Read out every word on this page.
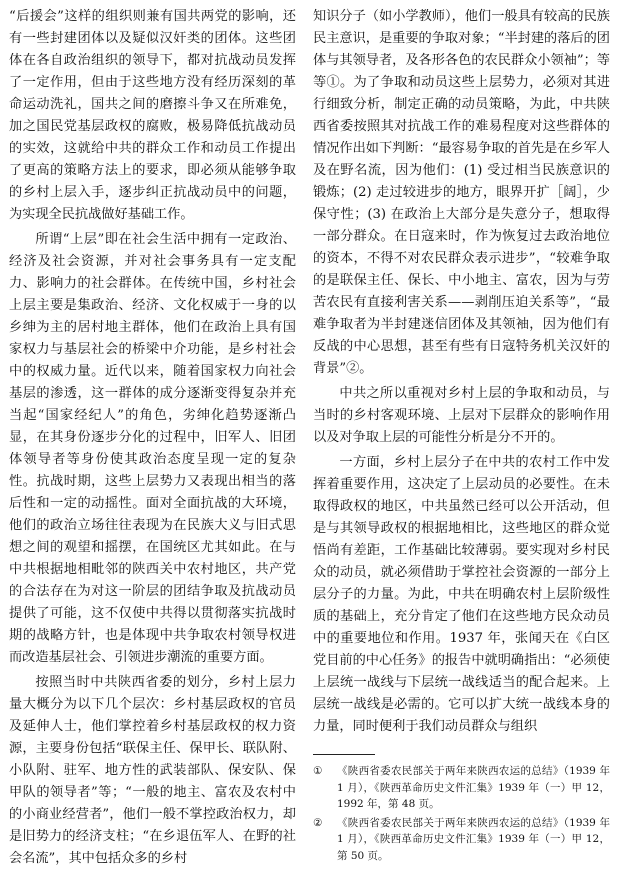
“后援会”这样的组织则兼有国共两党的影响，还有一些封建团体以及疑似汉奸类的团体。这些团体在各自政治组织的领导下，都对抗战动员发挥了一定作用，但由于这些地方没有经历深刻的革命运动洗礼，国共之间的磨擦斗争又在所难免，加之国民党基层政权的腐败，极易降低抗战动员的实效，这就给中共的群众工作和动员工作提出了更高的策略方法上的要求，即必须从能够争取的乡村上层入手，逐步纠正抗战动员中的问题，为实现全民抗战做好基础工作。

所谓“上层”即在社会生活中拥有一定政治、经济及社会资源，并对社会事务具有一定支配力、影响力的社会群体。在传统中国，乡村社会上层主要是集政治、经济、文化权威于一身的以乡绅为主的居村地主群体，他们在政治上具有国家权力与基层社会的桥梁中介功能，是乡村社会中的权威力量。近代以来，随着国家权力向社会基层的渗透，这一群体的成分逐渐变得复杂并充当起“国家经纪人”的角色，劣绅化趋势逐渐凸显，在其身份逐步分化的过程中，旧军人、旧团体领导者等身份使其政治态度呈现一定的复杂性。抗战时期，这些上层势力又表现出相当的落后性和一定的动摇性。面对全面抗战的大环境，他们的政治立场往往表现为在民族大义与旧式思想之间的观望和摇摆，在国统区尤其如此。在与中共根据地相毗邻的陕西关中农村地区，共产党的合法存在为对这一阶层的团结争取及抗战动员提供了可能，这不仅使中共得以贯彻落实抗战时期的战略方针，也是体现中共争取农村领导权进而改造基层社会、引领进步潮流的重要方面。

按照当时中共陕西省委的划分，乡村上层力量大概分为以下几个层次：乡村基层政权的官员及延伸人士，他们掌控着乡村基层政权的权力资源，主要身份包括“联保主任、保甲长、联队附、小队附、驻军、地方性的武装部队、保安队、保甲队的领导者”等；“一般的地主、富农及农村中的小商业经营者”，他们一般不掌控政治权力，却是旧势力的经济支柱；“在乡退伍军人、在野的社会名流”，其中包括众多的乡村

知识分子（如小学教师），他们一般具有较高的民族民主意识，是重要的争取对象；“半封建的落后的团体与其领导者，及各形各色的农民群众小领袖”；等等①。为了争取和动员这些上层势力，必须对其进行细致分析，制定正确的动员策略，为此，中共陕西省委按照其对抗战工作的难易程度对这些群体的情况作出如下判断：“最容易争取的首先是在乡军人及在野名流，因为他们：(1) 受过相当民族意识的锻炼；(2) 走过较进步的地方，眼界开扩［阔］，少保守性；(3) 在政治上大部分是失意分子，想取得一部分群众。在日寇来时，作为恢复过去政治地位的资本，不得不对农民群众表示进步”，“较难争取的是联保主任、保长、中小地主、富农，因为与劳苦农民有直接利害关系——剥削压迫关系等”，“最难争取者为半封建迷信团体及其领袖，因为他们有反战的中心思想，甚至有些有日寇特务机关汉奸的背景”②。

中共之所以重视对乡村上层的争取和动员，与当时的乡村客观环境、上层对下层群众的影响作用以及对争取上层的可能性分析是分不开的。

一方面，乡村上层分子在中共的农村工作中发挥着重要作用，这决定了上层动员的必要性。在未取得政权的地区，中共虽然已经可以公开活动，但是与其领导政权的根据地相比，这些地区的群众觉悟尚有差距，工作基础比较薄弱。要实现对乡村民众的动员，就必须借助于掌控社会资源的一部分上层分子的力量。为此，中共在明确农村上层阶级性质的基础上，充分肯定了他们在这些地方民众动员中的重要地位和作用。1937 年，张闻天在《白区党目前的中心任务》的报告中就明确指出：“必须使上层统一战线与下层统一战线适当的配合起来。上层统一战线是必需的。它可以扩大统一战线本身的力量，同时便利于我们动员群众与组织

①	《陕西省委农民部关于两年来陕西农运的总结》（1939 年 1 月），《陕西革命历史文件汇集》1939 年（一）甲 12，1992 年，第 48 页。
②	《陕西省委农民部关于两年来陕西农运的总结》（1939 年 1 月），《陕西革命历史文件汇集》1939 年（一）甲 12，第 50 页。
